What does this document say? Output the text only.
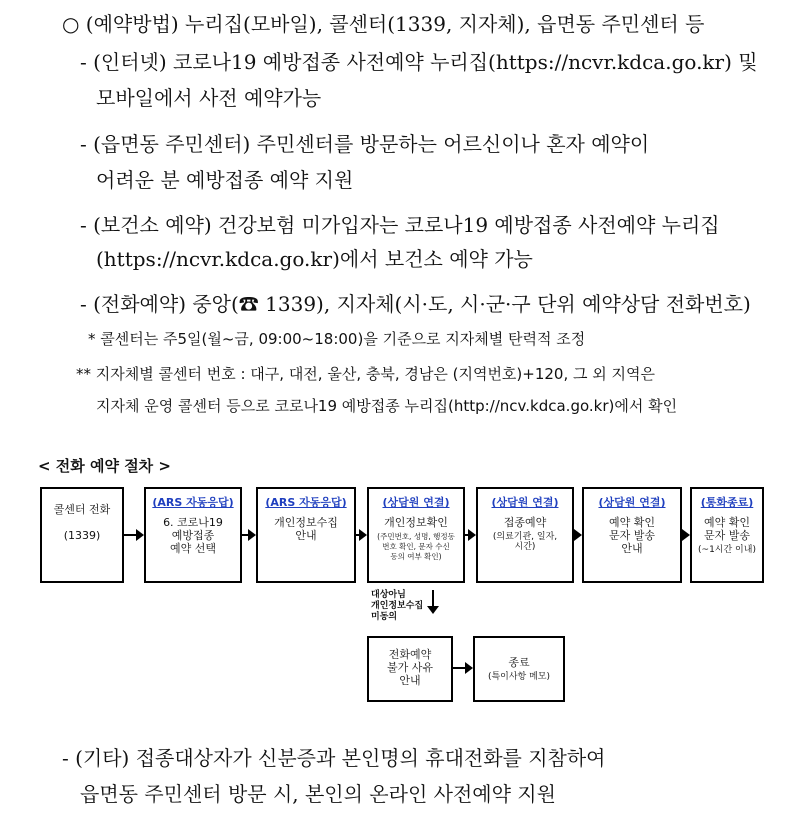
○ (예약방법) 누리집(모바일), 콜센터(1339, 지자체), 읍면동 주민센터 등
- (인터넷) 코로나19 예방접종 사전예약 누리집(https://ncvr.kdca.go.kr) 및
모바일에서 사전 예약가능
- (읍면동 주민센터) 주민센터를 방문하는 어르신이나 혼자 예약이
어려운 분 예방접종 예약 지원
- (보건소 예약) 건강보험 미가입자는 코로나19 예방접종 사전예약 누리집
(https://ncvr.kdca.go.kr)에서 보건소 예약 가능
- (전화예약) 중앙(☎ 1339), 지자체(시·도, 시·군·구 단위 예약상담 전화번호)
* 콜센터는 주5일(월~금, 09:00~18:00)을 기준으로 지자체별 탄력적 조정
** 지자체별 콜센터 번호 : 대구, 대전, 울산, 충북, 경남은 (지역번호)+120, 그 외 지역은
지자체 운영 콜센터 등으로 코로나19 예방접종 누리집(http://ncv.kdca.go.kr)에서 확인
< 전화 예약 절차 >
콜센터 전화

(1339)
(ARS 자동응답)
6. 코로나19
예방접종
예약 선택
(ARS 자동응답)
개인정보수집
안내
(상담원 연결)
개인정보확인
(주민번호, 성명, 행정동
번호 확인, 문자 수신
동의 여부 확인)
(상담원 연결)
접종예약
(의료기관, 일자,
시간)
(상담원 연결)
예약 확인
문자 발송
안내
(통화종료)
예약 확인
문자 발송
(~1시간 이내)
대상아님
개인정보수집
미동의
전화예약
불가 사유
안내
종료
(특이사항 메모)
- (기타) 접종대상자가 신분증과 본인명의 휴대전화를 지참하여
읍면동 주민센터 방문 시, 본인의 온라인 사전예약 지원
